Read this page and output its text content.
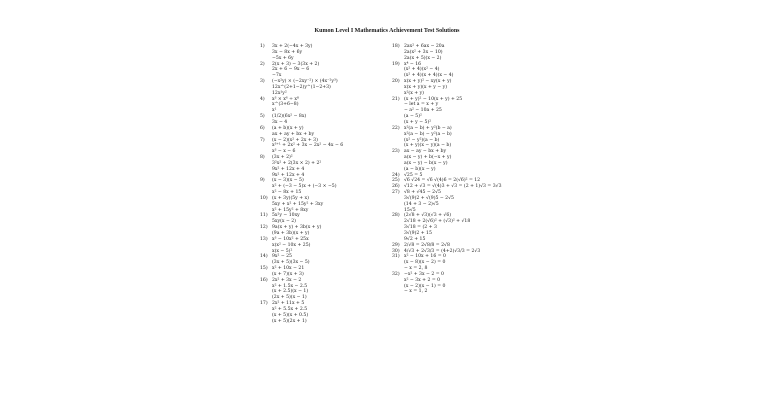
Kumon Level I Mathematics Achievement Test Solutions
1)	3x + 2(−4x + 3y)
3x − 8x + 6y
−5x + 6y
2)	2(x + 3) − 3(3x + 2)
2x + 6 − 9x − 6
−7x
3)	(−x²y) × (−2xy⁻²) × (4x⁻²y³)
12x^(2+1−2)y^(1−2+3)
12x¹y²
4)	x³ × x⁶ ÷ x⁸
x^(3+6−8)
x¹
5)	(1/2)(6x² − 8x)
3x − 4
6)	(a + b)(x + y)
ax + ay + bx + by
7)	(x − 2)(x² + 2x + 3)
x³⁺¹ + 2x² + 3x − 2x² − 4x − 6
x³ − x − 6
8)	(3x + 2)²
3²x² + 2(3x × 2) + 2²
9x² + 12x + 4
9x² + 12x + 4
9)	(x − 3)(x − 5)
x² + (−3 − 5)x + (−3 × −5)
x² − 8x + 15
10) (x + 3y)(5y + x)
5xy + x² + 15y² + 3xy
x² + 15y² + 8xy
11) 5x²y − 10xy
5xy(x − 2)
12) 9a(x + y) + 3b(x + y)
(9a + 3b)(x + y)
13) x³ − 10x² + 25x
x(x² − 10x + 25)
x(x − 5)²
14) 9x² − 25
(3x + 5)(3x − 5)
15) x² + 10x − 21
(x + 7)(x + 3)
16) 2x² + 3x − 2
x² + 1.5x − 2.5
(x + 2.5)(x − 1)
(2x + 5)(x − 1)
17) 2x² + 11x + 5
x² + 5.5x + 2.5
(x + 5)(x + 0.5)
(x + 5)(2x + 1)
18) 2ax² + 6ax − 20a
2a(x² + 3x − 10)
2a(x + 5)(x − 2)
19) x⁴ − 16
(x² + 4)(x² − 4)
(x² + 4)(x + 4)(x − 4)
20) x(x + y)² − xy(x + y)
x(x + y)(x + y − y)
x²(x + y)
21) (x + y)² − 10(x + y) + 25
− let a = x + y
− a² − 10a + 25
(a − 5)²
(x + y − 5)²
22) x²(a − b) + y²(b − a)
x²(a − b) − y²(a − b)
(x² − y²)(a − b)
(x + y)(x − y)(a − b)
23) ax − ay − bx + by
a(x − y) + b(−x + y)
a(x − y) − b(x − y)
(a − b)(x − y)
24) √25 = 5
25) √6 √24 = √6 √(4)6 = 2(√6)² = 12
26) √12 + √3 = √(4)3 + √3 = (2 + 1)√3 = 3√3
27) √8 + √45 − 2√5
3√(9)2 + √(9)5 − 2√5
(14 + 3 − 2)√5
15√5
28) (2√8 + √3)(√3 + √6)
2√18 + 2(√6)² + (√3)² + √18
3√18 = (2 + 3
3√(9)2 + 15
9√2 + 15
29) 2/√8 = 2√8/8 = 2√8
30) 4/√3 + 2√3/3 = (4+2)√3/3 = 2√3
31) x² − 10x + 16 = 0
(x − 8)(x − 2) = 0
− x = 2, 8
32) −x² + 3x − 2 = 0
x² − 3x + 2 = 0
(x − 2)(x − 1) = 0
− x = 1, 2
